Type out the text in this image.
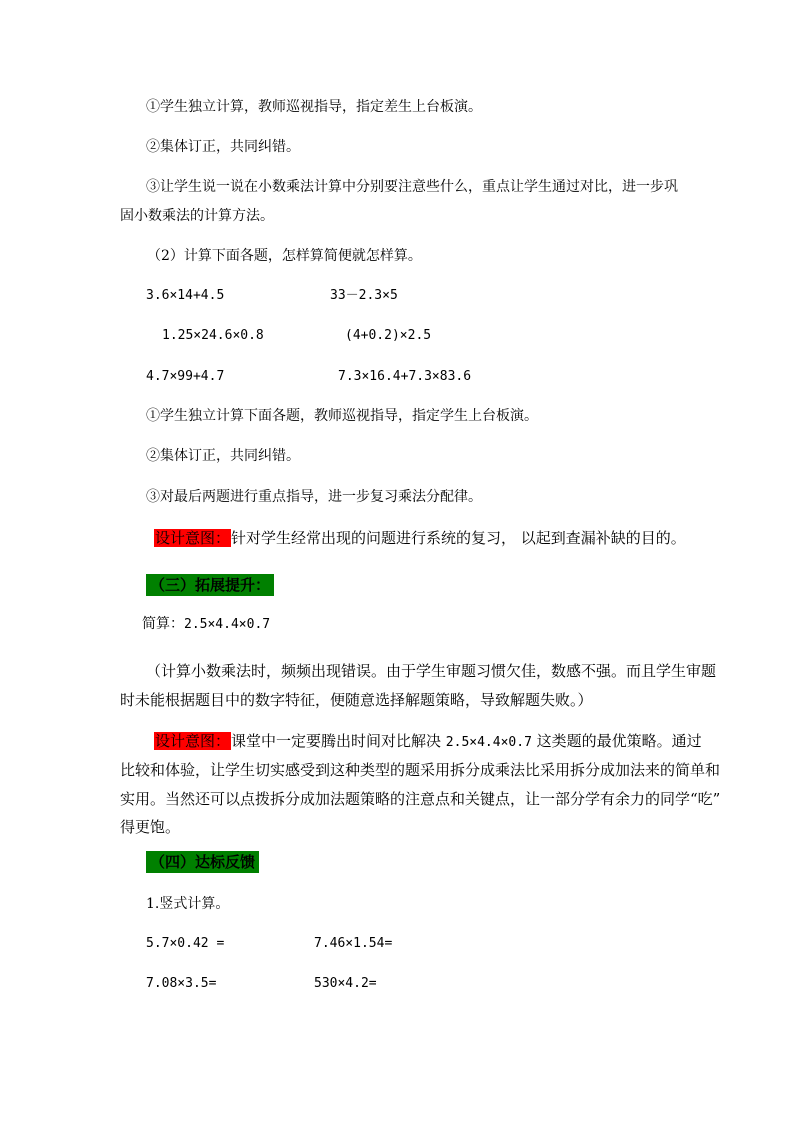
①学生独立计算，教师巡视指导，指定差生上台板演。
②集体订正，共同纠错。
③让学生说一说在小数乘法计算中分别要注意些什么，重点让学生通过对比，进一步巩
固小数乘法的计算方法。
（2）计算下面各题，怎样算简便就怎样算。
3.6×14+4.5	33－2.3×5
1.25×24.6×0.8	(4+0.2)×2.5
4.7×99+4.7	7.3×16.4+7.3×83.6
①学生独立计算下面各题，教师巡视指导，指定学生上台板演。
②集体订正，共同纠错。
③对最后两题进行重点指导，进一步复习乘法分配律。
设计意图：针对学生经常出现的问题进行系统的复习， 以起到查漏补缺的目的。
（三）拓展提升：
简算：2.5×4.4×0.7
（计算小数乘法时，频频出现错误。由于学生审题习惯欠佳，数感不强。而且学生审题
时未能根据题目中的数字特征，便随意选择解题策略，导致解题失败。）
设计意图：课堂中一定要腾出时间对比解决 2.5×4.4×0.7 这类题的最优策略。通过
比较和体验，让学生切实感受到这种类型的题采用拆分成乘法比采用拆分成加法来的简单和
实用。当然还可以点拨拆分成加法题策略的注意点和关键点，让一部分学有余力的同学“吃”
得更饱。
（四）达标反馈
1.竖式计算。
5.7×0.42 =	7.46×1.54=
7.08×3.5=	530×4.2=
